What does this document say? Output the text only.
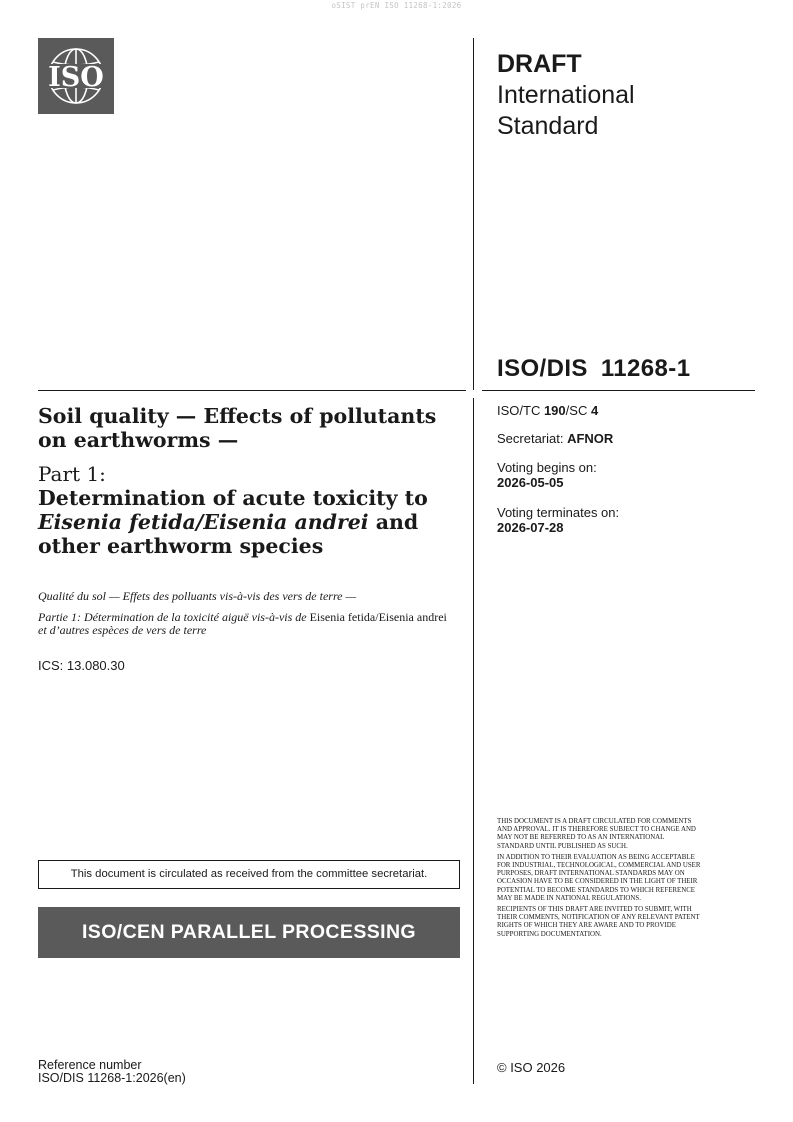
oSIST prEN ISO 11268-1:2026
ISO	DRAFT
International
Standard
ISO/DIS 11268-1
ISO/TC 190/SC 4
Secretariat: AFNOR
Voting begins on:
2026-05-05
Voting terminates on:
2026-07-28
Soil quality — Effects of pollutants on earthworms —
Part 1:
Determination of acute toxicity to Eisenia fetida/Eisenia andrei and other earthworm species

Qualité du sol — Effets des polluants vis-à-vis des vers de terre —

Partie 1: Détermination de la toxicité aiguë vis-à-vis de Eisenia fetida/Eisenia andrei et d’autres espèces de vers de terre

ICS: 13.080.30
This document is circulated as received from the committee secretariat.
ISO/CEN PARALLEL PROCESSING

THIS DOCUMENT IS A DRAFT CIRCULATED FOR COMMENTS AND APPROVAL. IT IS THEREFORE SUBJECT TO CHANGE AND MAY NOT BE REFERRED TO AS AN INTERNATIONAL STANDARD UNTIL PUBLISHED AS SUCH.

IN ADDITION TO THEIR EVALUATION AS BEING ACCEPTABLE FOR INDUSTRIAL, TECHNOLOGICAL, COMMERCIAL AND USER PURPOSES, DRAFT INTERNATIONAL STANDARDS MAY ON OCCASION HAVE TO BE CONSIDERED IN THE LIGHT OF THEIR POTENTIAL TO BECOME STANDARDS TO WHICH REFERENCE MAY BE MADE IN NATIONAL REGULATIONS.

RECIPIENTS OF THIS DRAFT ARE INVITED TO SUBMIT, WITH THEIR COMMENTS, NOTIFICATION OF ANY RELEVANT PATENT RIGHTS OF WHICH THEY ARE AWARE AND TO PROVIDE SUPPORTING DOCUMENTATION.

© ISO 2026
Reference number
ISO/DIS 11268-1:2026(en)
